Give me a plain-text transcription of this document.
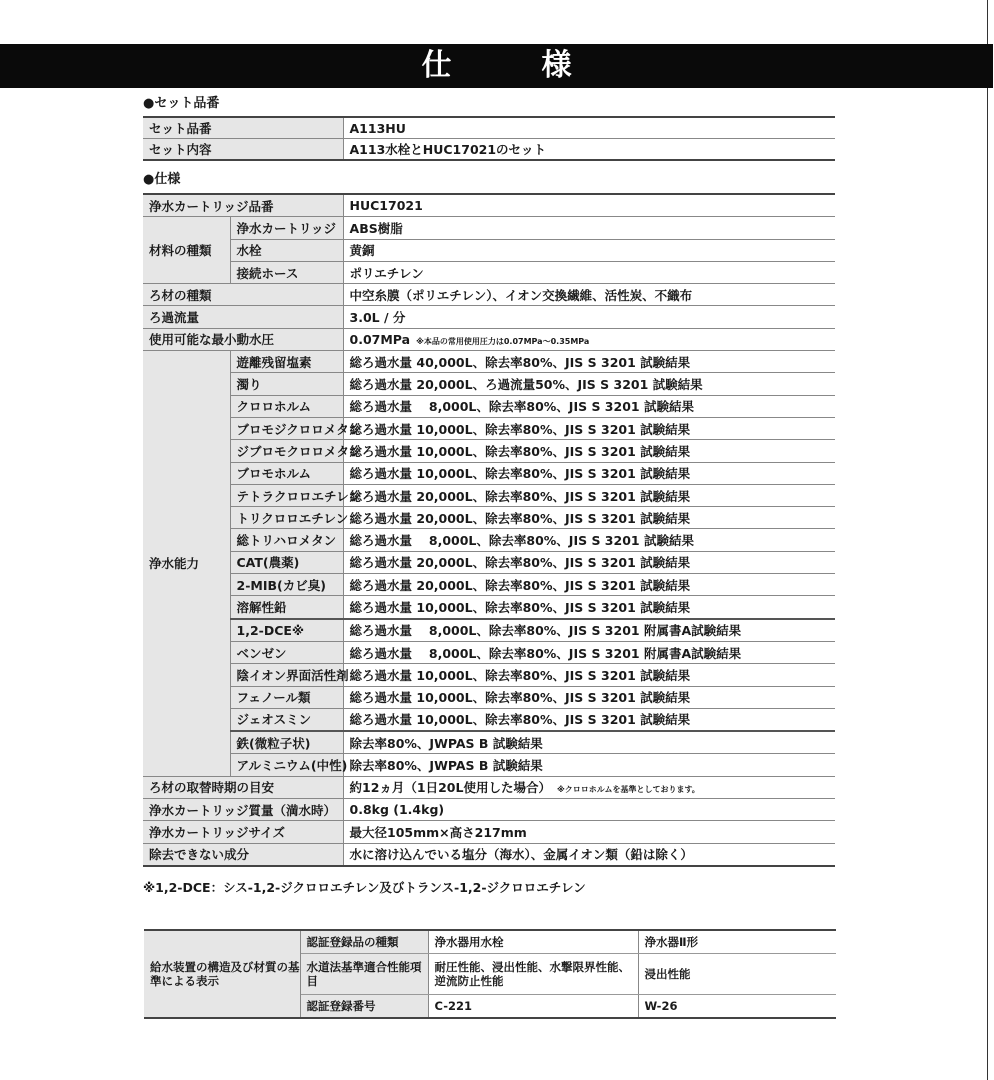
仕　様
●セット品番
セット品番	A113HU
セット内容	A113水栓とHUC17021のセット
●仕様
浄水カートリッジ品番		HUC17021
材料の種類	浄水カートリッジ	ABS樹脂
	水栓	黄銅
	接続ホース	ポリエチレン
ろ材の種類		中空糸膜（ポリエチレン）、イオン交換繊維、活性炭、不織布
ろ過流量		3.0L / 分
使用可能な最小動水圧		0.07MPa ※本品の常用使用圧力は0.07MPa～0.35MPa
浄水能力	遊離残留塩素	総ろ過水量 40,000L、除去率80%、JIS S 3201 試験結果
	濁り	総ろ過水量 20,000L、ろ過流量50%、JIS S 3201 試験結果
	クロロホルム	総ろ過水量　 8,000L、除去率80%、JIS S 3201 試験結果
	ブロモジクロロメタン	総ろ過水量 10,000L、除去率80%、JIS S 3201 試験結果
	ジブロモクロロメタン	総ろ過水量 10,000L、除去率80%、JIS S 3201 試験結果
	ブロモホルム	総ろ過水量 10,000L、除去率80%、JIS S 3201 試験結果
	テトラクロロエチレン	総ろ過水量 20,000L、除去率80%、JIS S 3201 試験結果
	トリクロロエチレン	総ろ過水量 20,000L、除去率80%、JIS S 3201 試験結果
	総トリハロメタン	総ろ過水量　 8,000L、除去率80%、JIS S 3201 試験結果
	CAT(農薬)	総ろ過水量 20,000L、除去率80%、JIS S 3201 試験結果
	2-MIB(カビ臭)	総ろ過水量 20,000L、除去率80%、JIS S 3201 試験結果
	溶解性鉛	総ろ過水量 10,000L、除去率80%、JIS S 3201 試験結果
	1,2-DCE※	総ろ過水量　 8,000L、除去率80%、JIS S 3201 附属書A試験結果
	ベンゼン	総ろ過水量　 8,000L、除去率80%、JIS S 3201 附属書A試験結果
	陰イオン界面活性剤	総ろ過水量 10,000L、除去率80%、JIS S 3201 試験結果
	フェノール類	総ろ過水量 10,000L、除去率80%、JIS S 3201 試験結果
	ジェオスミン	総ろ過水量 10,000L、除去率80%、JIS S 3201 試験結果
	鉄(微粒子状)	除去率80%、JWPAS B 試験結果
	アルミニウム(中性)	除去率80%、JWPAS B 試験結果
ろ材の取替時期の目安		約12ヵ月（1日20L使用した場合） ※クロロホルムを基準としております。
浄水カートリッジ質量（満水時）		0.8kg (1.4kg)
浄水カートリッジサイズ		最大径105mm×高さ217mm
除去できない成分		水に溶け込んでいる塩分（海水）、金属イオン類（鉛は除く）
※1,2-DCE：シス-1,2-ジクロロエチレン及びトランス-1,2-ジクロロエチレン
給水装置の構造及び材質の基準による表示	認証登録品の種類	浄水器用水栓	浄水器Ⅱ形
	水道法基準適合性能項目	耐圧性能、浸出性能、水撃限界性能、逆流防止性能	浸出性能
	認証登録番号	C-221	W-26
